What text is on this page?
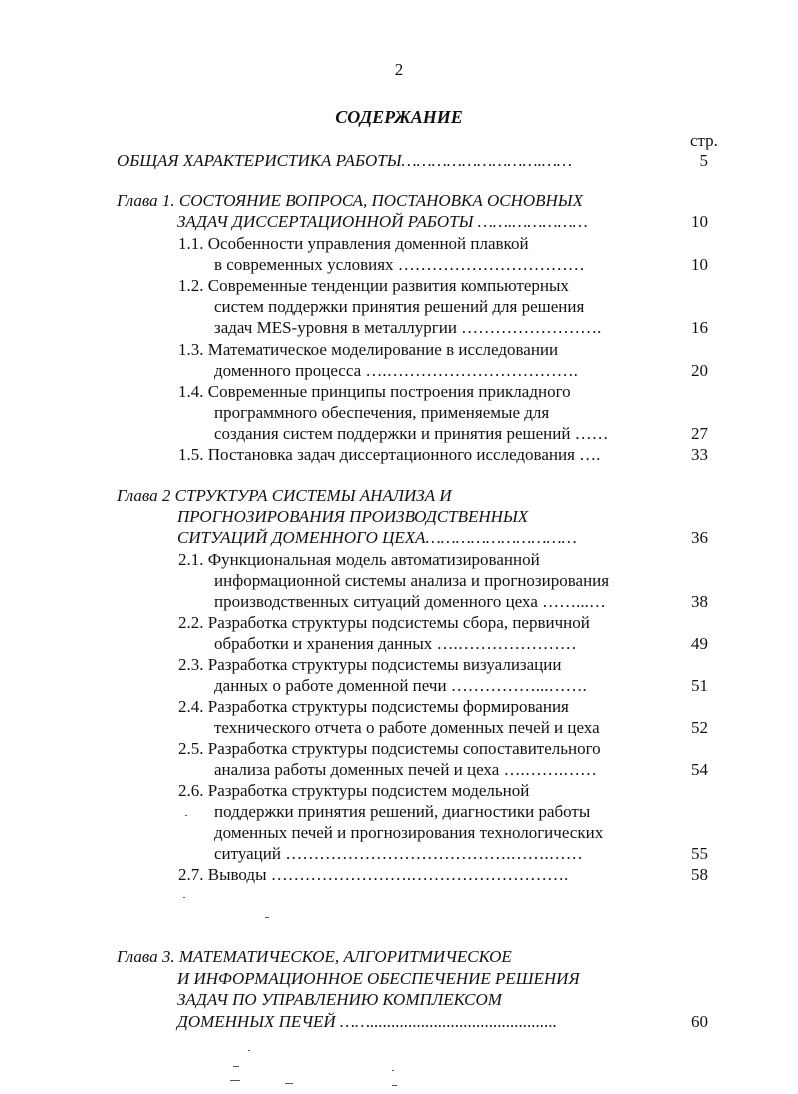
2
СОДЕРЖАНИЕ
стр.
ОБЩАЯ ХАРАКТЕРИСТИКА РАБОТЫ……………………….……	5
Глава 1. СОСТОЯНИЕ ВОПРОСА, ПОСТАНОВКА ОСНОВНЫХ
ЗАДАЧ ДИССЕРТАЦИОННОЙ РАБОТЫ …….……………	10
1.1. Особенности управления доменной плавкой
в современных условиях ……………………………	10
1.2. Современные тенденции развития компьютерных
систем поддержки принятия решений для решения
задач MES-уровня в металлургии …………………….	16
1.3. Математическое моделирование в исследовании
доменного процесса ….…………………………….	20
1.4. Современные принципы построения прикладного
программного обеспечения, применяемые для
создания систем поддержки и принятия решений ……	27
1.5. Постановка задач диссертационного исследования ….	33
Глава 2 СТРУКТУРА СИСТЕМЫ АНАЛИЗА И
ПРОГНОЗИРОВАНИЯ ПРОИЗВОДСТВЕННЫХ
СИТУАЦИЙ ДОМЕННОГО ЦЕХА…………………………	36
2.1. Функциональная модель автоматизированной
информационной системы анализа и прогнозирования
производственных ситуаций доменного цеха ……...…	38
2.2. Разработка структуры подсистемы сбора, первичной
обработки и хранения данных ….…………………	49
2.3. Разработка структуры подсистемы визуализации
данных о работе доменной печи ……………...…….	51
2.4. Разработка структуры подсистемы формирования
технического отчета о работе доменных печей и цеха	52
2.5. Разработка структуры подсистемы сопоставительного
анализа работы доменных печей и цеха ….…….……	54
2.6. Разработка структуры подсистем модельной
поддержки принятия решений, диагностики работы
доменных печей и прогнозирования технологических
ситуаций ………………………………….…….……	55
2.7. Выводы …………………….……………………….	58
Глава 3. МАТЕМАТИЧЕСКОЕ, АЛГОРИТМИЧЕСКОЕ
И ИНФОРМАЦИОННОЕ ОБЕСПЕЧЕНИЕ РЕШЕНИЯ
ЗАДАЧ ПО УПРАВЛЕНИЮ КОМПЛЕКСОМ
ДОМЕННЫХ ПЕЧЕЙ ……............................................	60
